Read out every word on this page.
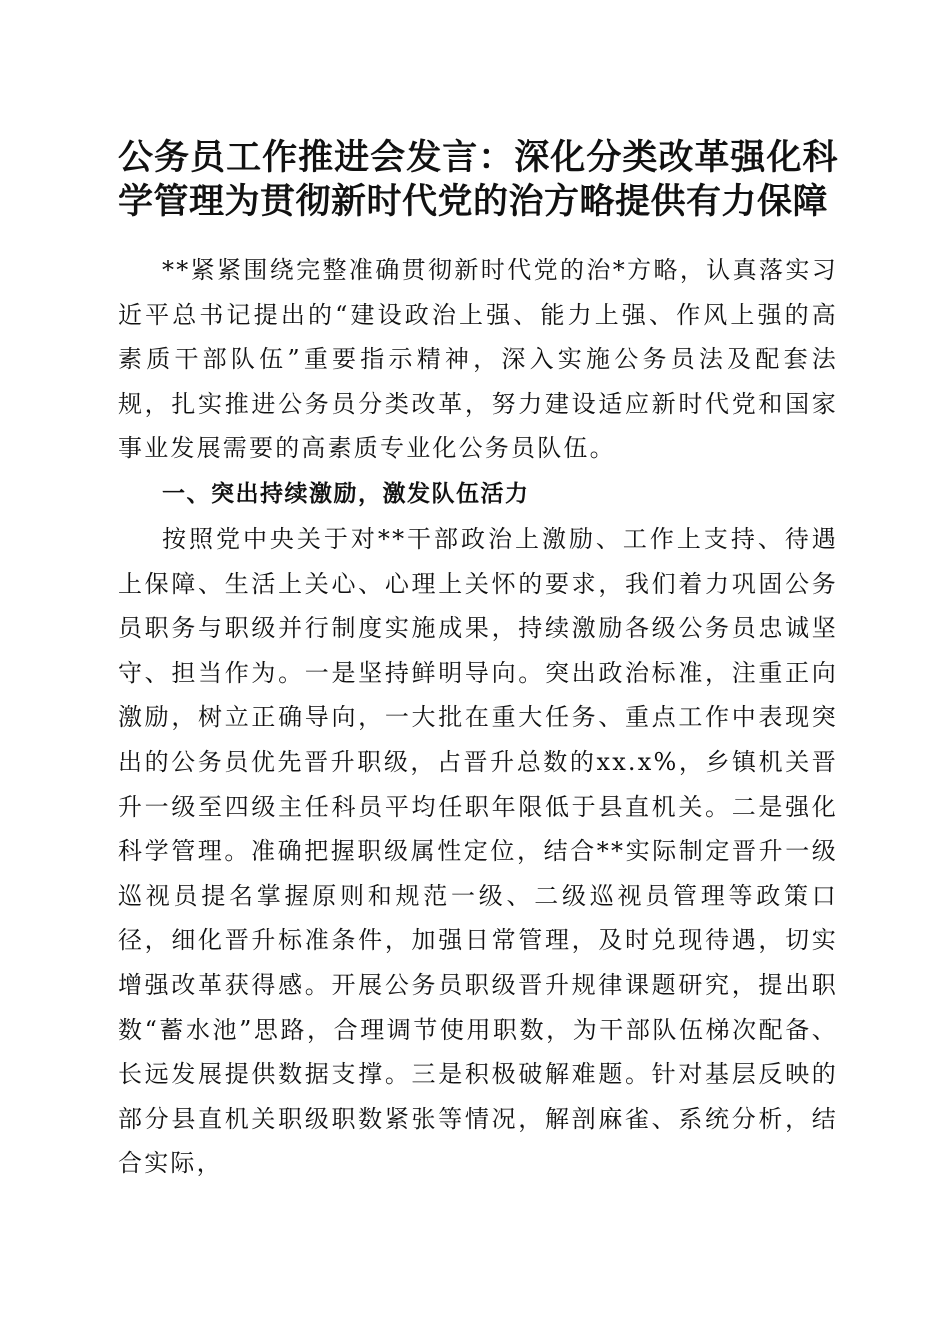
公务员工作推进会发言：深化分类改革强化科学管理为贯彻新时代党的治方略提供有力保障

**紧紧围绕完整准确贯彻新时代党的治*方略，认真落实习近平总书记提出的“建设政治上强、能力上强、作风上强的高素质干部队伍”重要指示精神，深入实施公务员法及配套法规，扎实推进公务员分类改革，努力建设适应新时代党和国家事业发展需要的高素质专业化公务员队伍。

一、突出持续激励，激发队伍活力

按照党中央关于对**干部政治上激励、工作上支持、待遇上保障、生活上关心、心理上关怀的要求，我们着力巩固公务员职务与职级并行制度实施成果，持续激励各级公务员忠诚坚守、担当作为。一是坚持鲜明导向。突出政治标准，注重正向激励，树立正确导向，一大批在重大任务、重点工作中表现突出的公务员优先晋升职级，占晋升总数的xx.x%，乡镇机关晋升一级至四级主任科员平均任职年限低于县直机关。二是强化科学管理。准确把握职级属性定位，结合**实际制定晋升一级巡视员提名掌握原则和规范一级、二级巡视员管理等政策口径，细化晋升标准条件，加强日常管理，及时兑现待遇，切实增强改革获得感。开展公务员职级晋升规律课题研究，提出职数“蓄水池”思路，合理调节使用职数，为干部队伍梯次配备、长远发展提供数据支撑。三是积极破解难题。针对基层反映的部分县直机关职级职数紧张等情况，解剖麻雀、系统分析，结合实际，
